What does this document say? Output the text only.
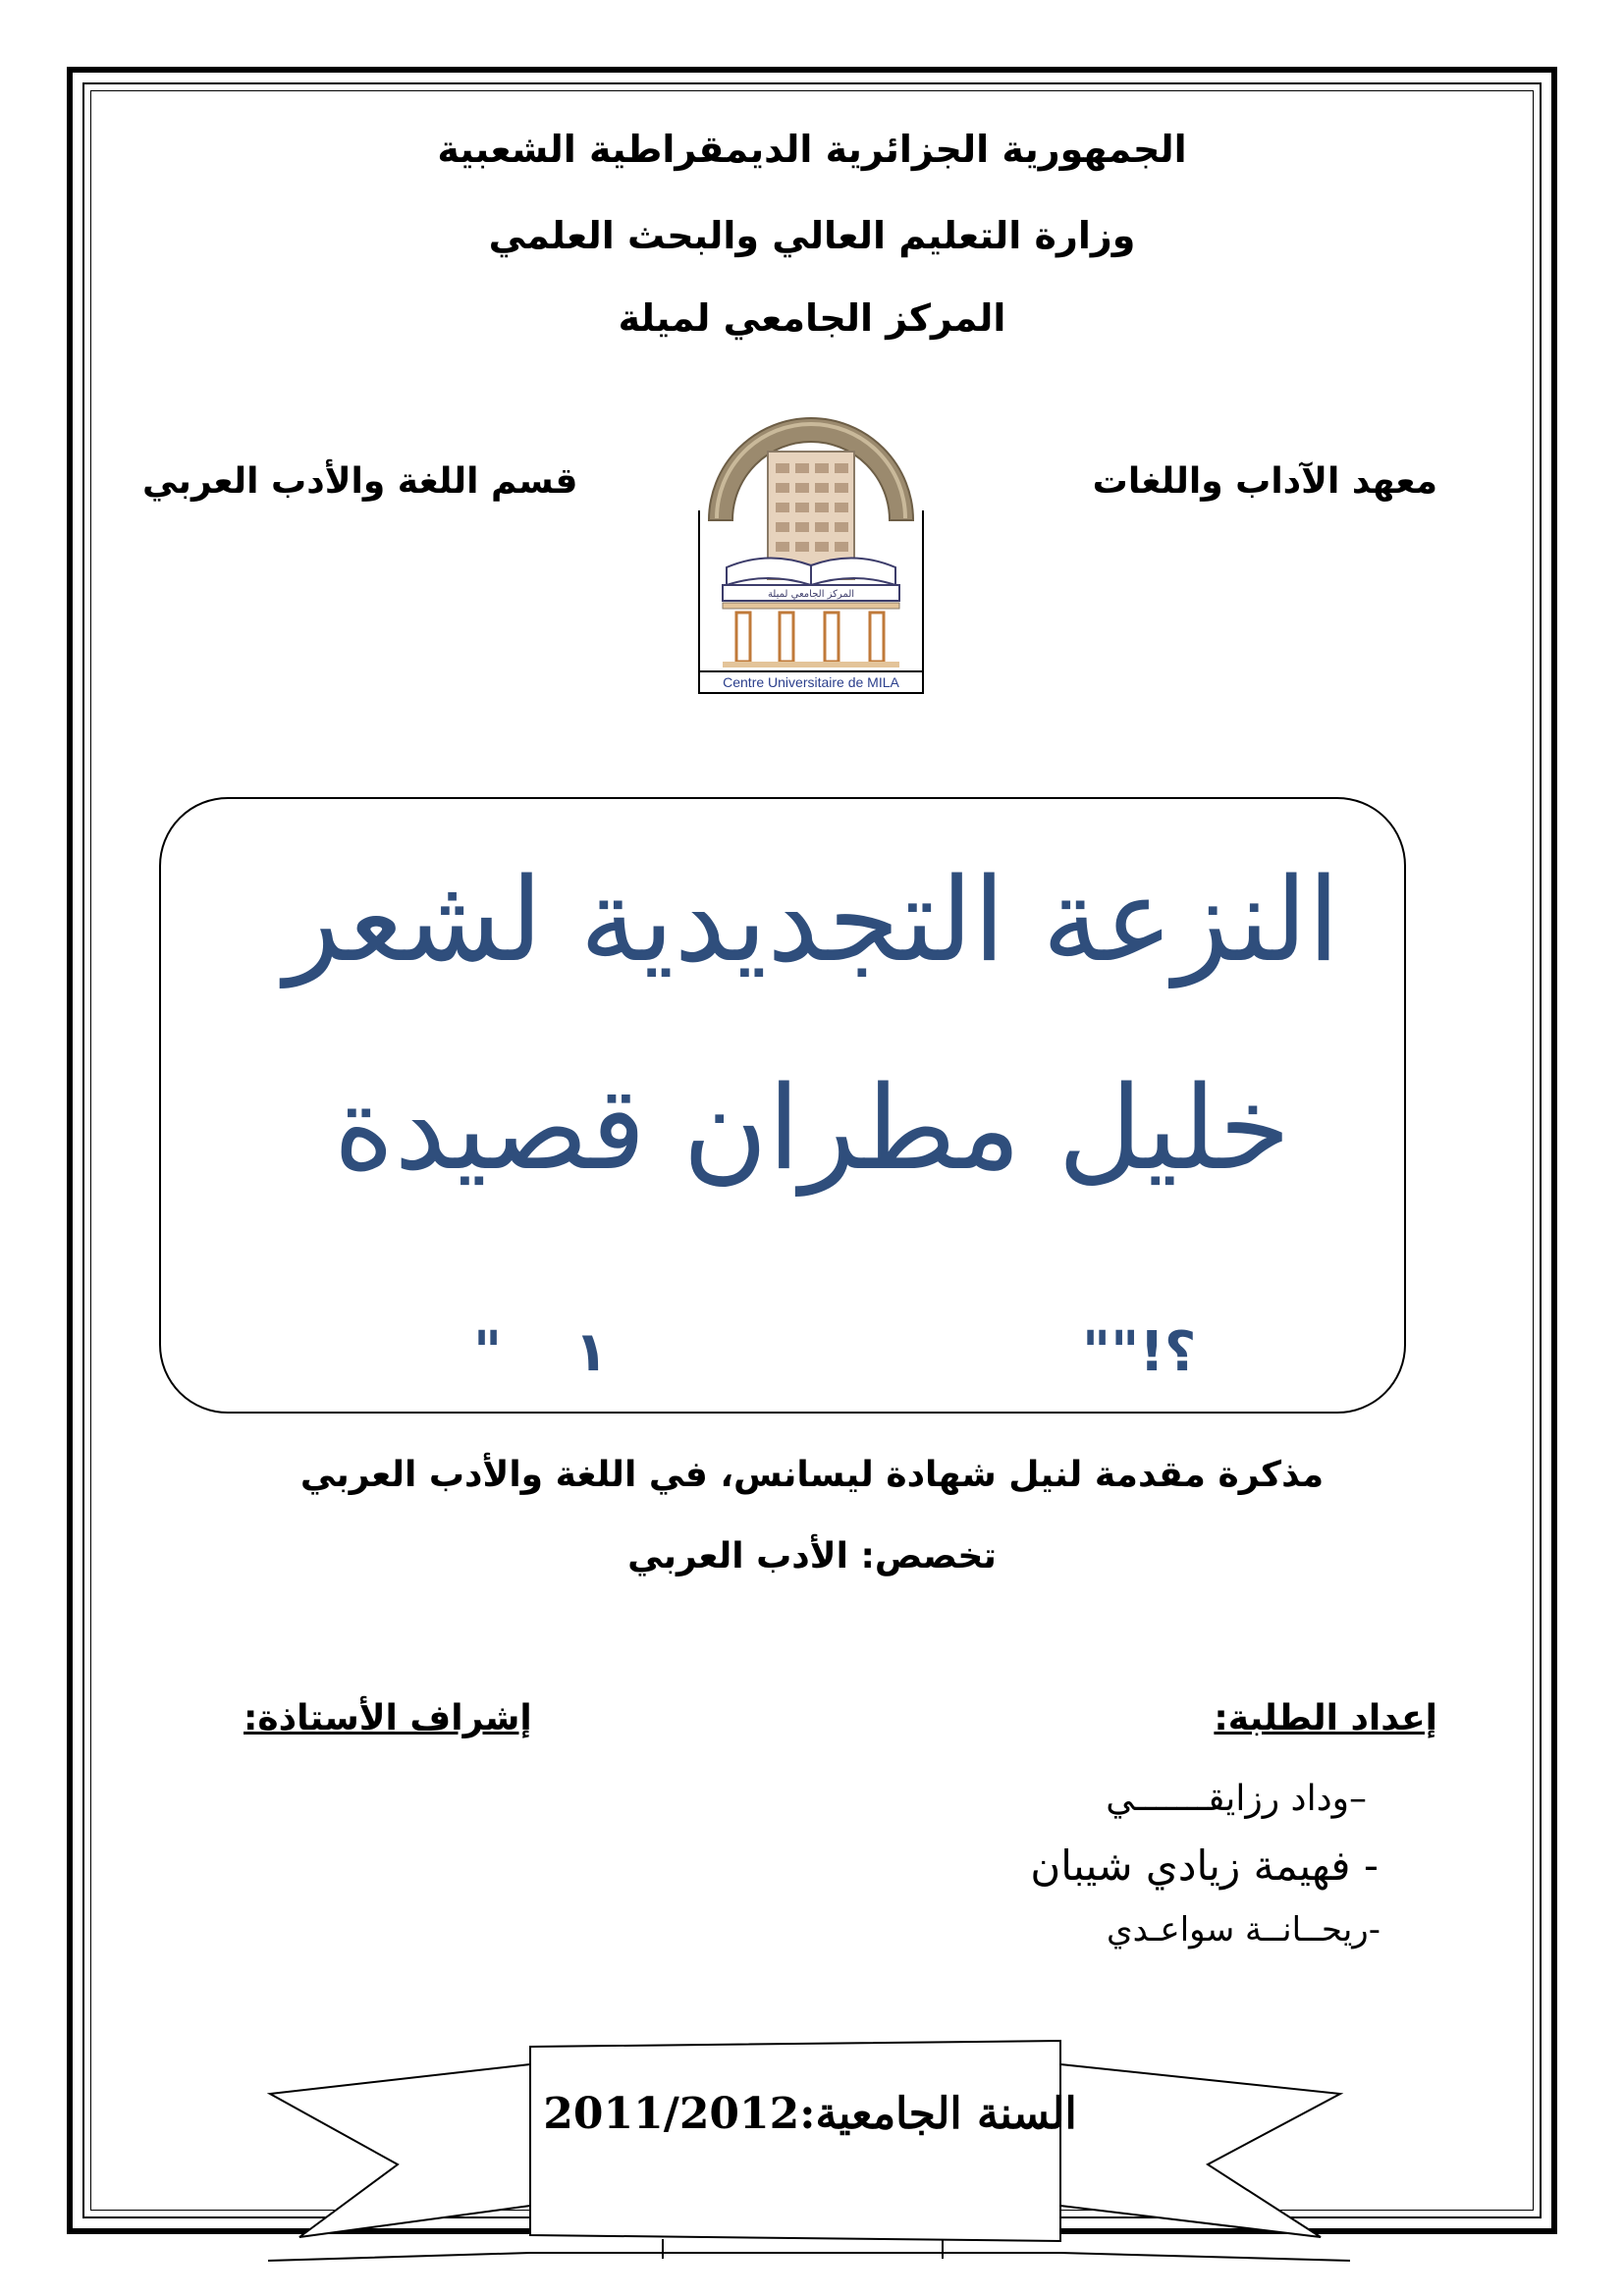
الجمهورية الجزائرية الديمقراطية الشعبية
وزارة التعليم العالي والبحث العلمي
المركز الجامعي لميلة
معهد الآداب واللغات
قسم اللغة والأدب العربي
المركز الجامعي لميلة
Centre Universitaire de MILA
النزعة التجديدية لشعر
خليل مطران قصيدة
""!؟
١
"
مذكرة مقدمة لنيل شهادة ليسانس، في اللغة والأدب العربي
تخصص: الأدب العربي
إعداد الطلبة:
إشراف الأستاذة:
–وداد رزايقـــــــي
- فهيمة زيادي شيبان
-ريحــانــة سواعـدي
السنة الجامعية:2011/2012
